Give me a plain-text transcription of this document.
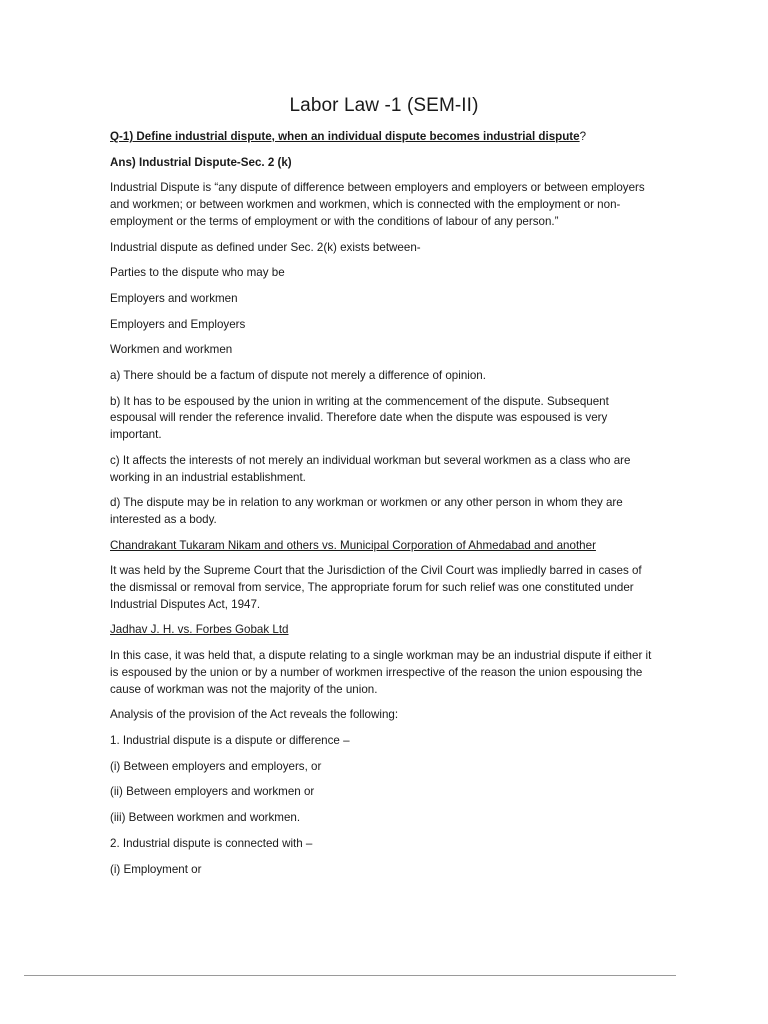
Labor Law -1 (SEM-II)

Q-1) Define industrial dispute, when an individual dispute becomes industrial dispute?

Ans) Industrial Dispute-Sec. 2 (k)

Industrial Dispute is “any dispute of difference between employers and employers or between employers and workmen; or between workmen and workmen, which is connected with the employment or non-employment or the terms of employment or with the conditions of labour of any person.”

Industrial dispute as defined under Sec. 2(k) exists between-

Parties to the dispute who may be

Employers and workmen

Employers and Employers

Workmen and workmen

a) There should be a factum of dispute not merely a difference of opinion.

b) It has to be espoused by the union in writing at the commencement of the dispute. Subsequent espousal will render the reference invalid. Therefore date when the dispute was espoused is very important.

c) It affects the interests of not merely an individual workman but several workmen as a class who are working in an industrial establishment.

d) The dispute may be in relation to any workman or workmen or any other person in whom they are interested as a body.

Chandrakant Tukaram Nikam and others vs. Municipal Corporation of Ahmedabad and another

It was held by the Supreme Court that the Jurisdiction of the Civil Court was impliedly barred in cases of the dismissal or removal from service, The appropriate forum for such relief was one constituted under Industrial Disputes Act, 1947.

Jadhav J. H. vs. Forbes Gobak Ltd

In this case, it was held that, a dispute relating to a single workman may be an industrial dispute if either it is espoused by the union or by a number of workmen irrespective of the reason the union espousing the cause of workman was not the majority of the union.

Analysis of the provision of the Act reveals the following:

1. Industrial dispute is a dispute or difference –

(i) Between employers and employers, or

(ii) Between employers and workmen or

(iii) Between workmen and workmen.

2. Industrial dispute is connected with –

(i) Employment or
